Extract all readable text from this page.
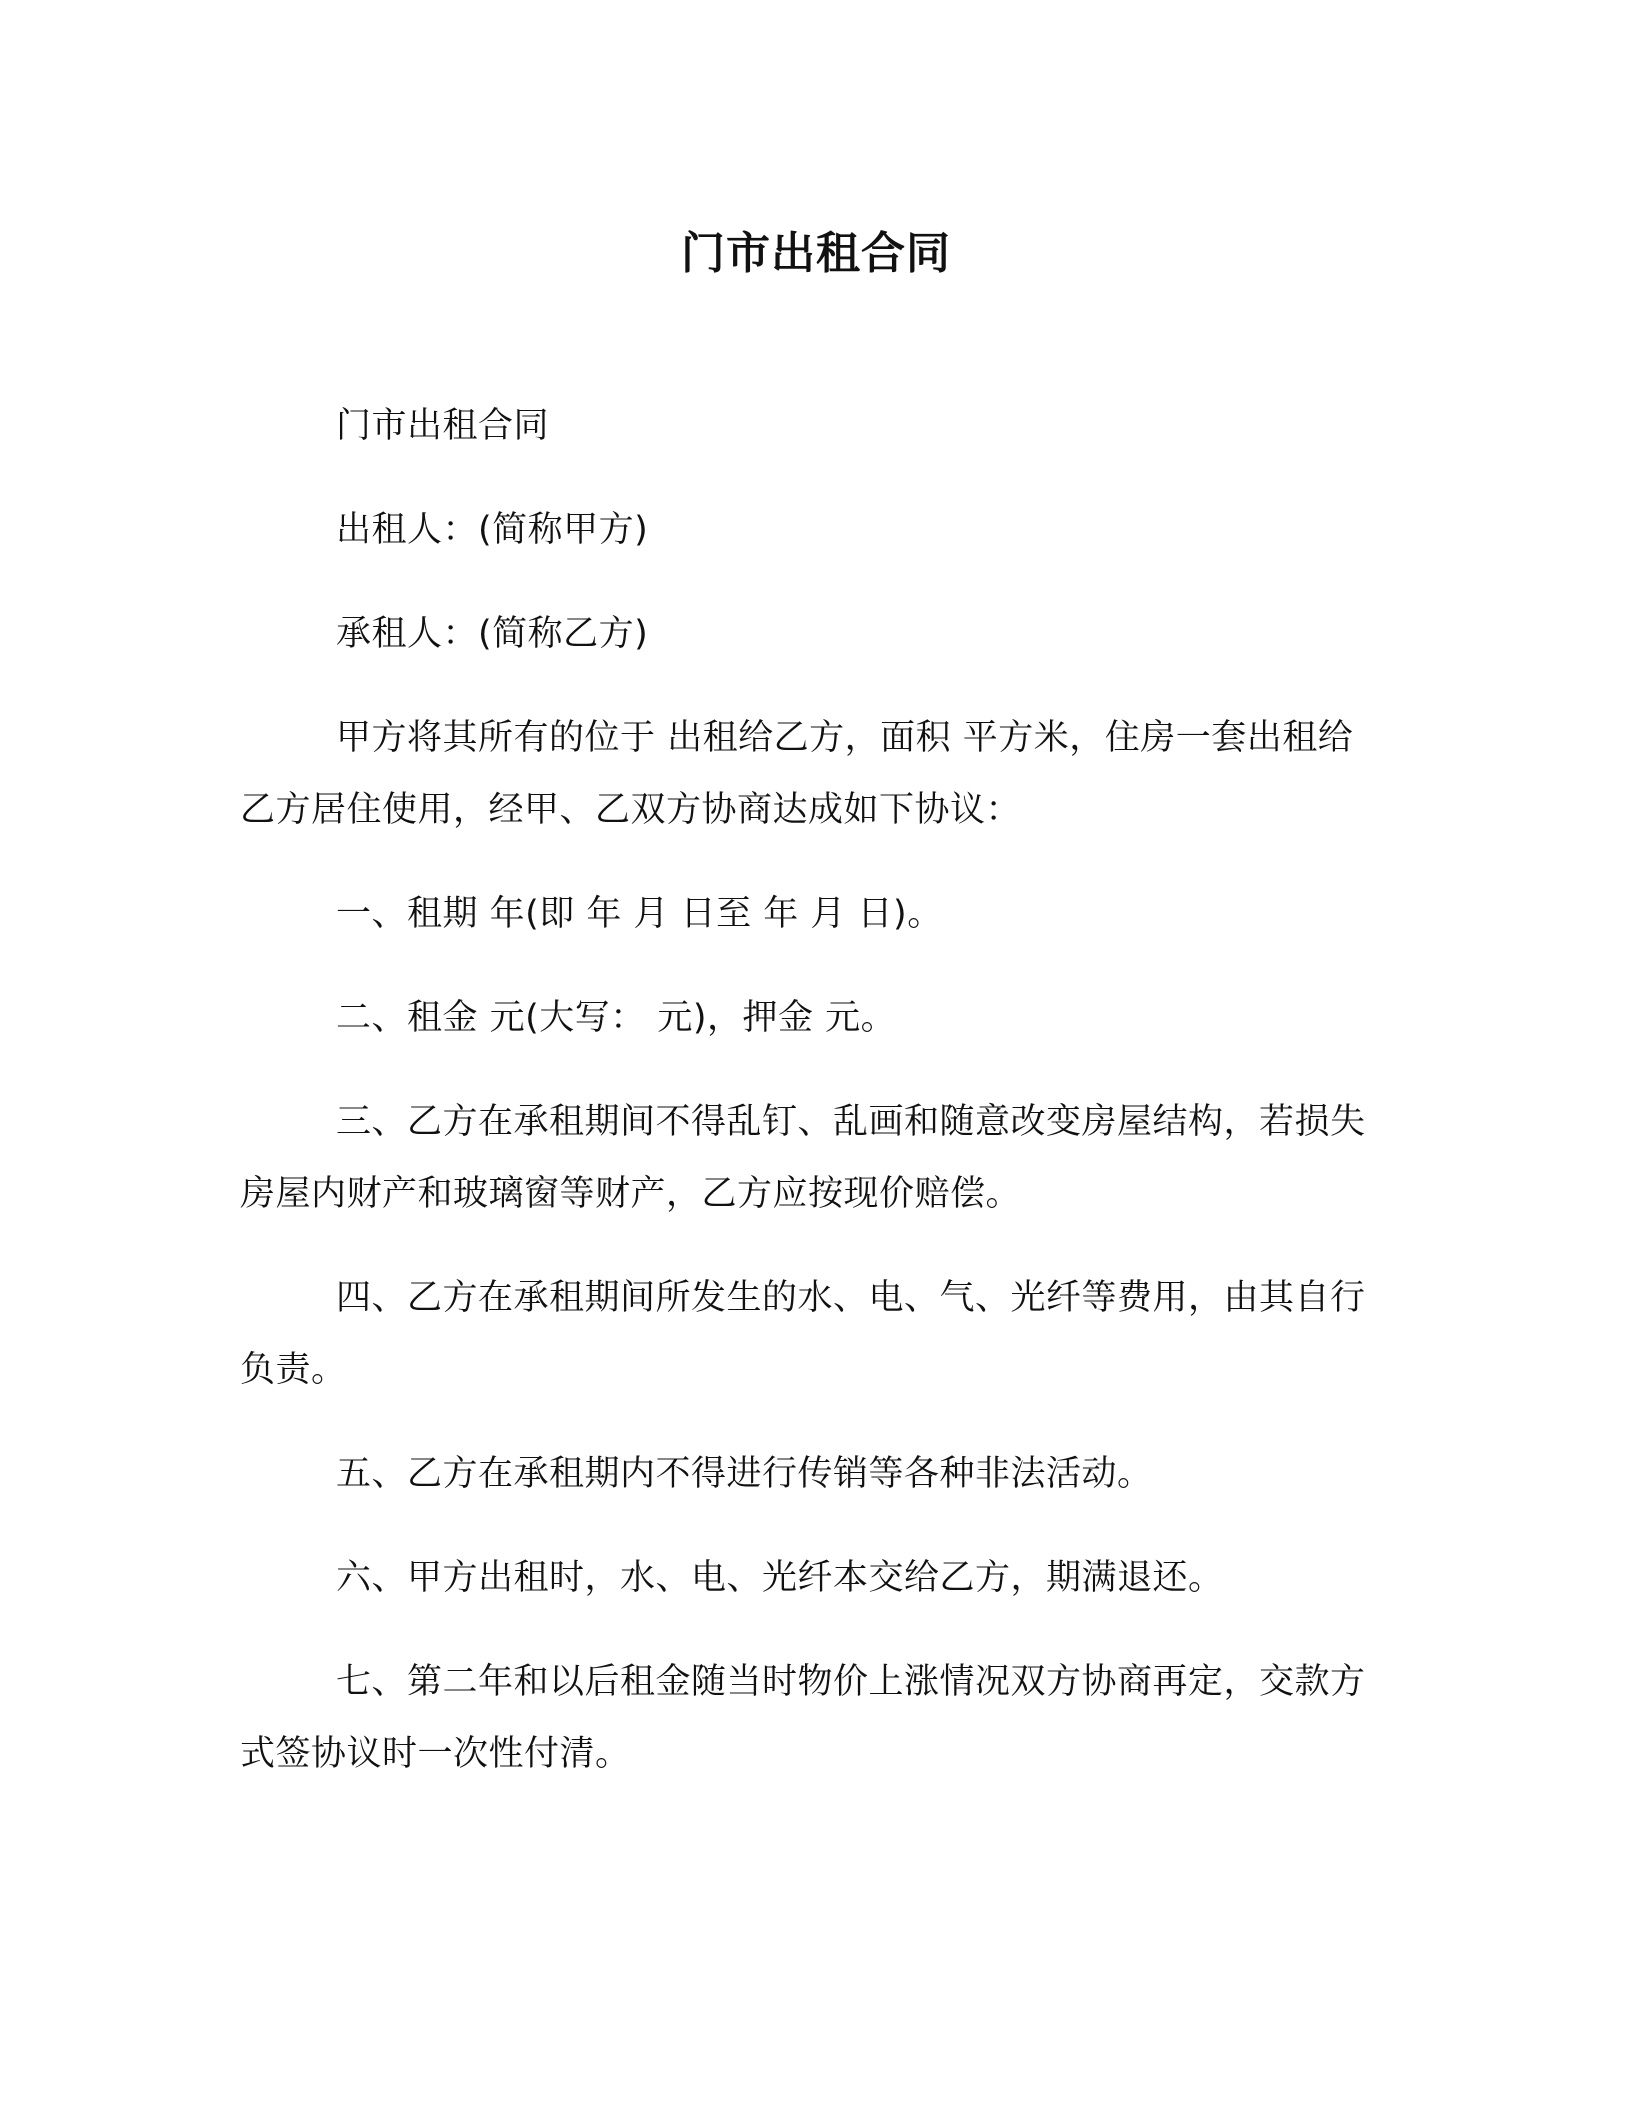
门市出租合同

门市出租合同

出租人：(简称甲方)

承租人：(简称乙方)

甲方将其所有的位于 出租给乙方，面积 平方米，住房一套出租给乙方居住使用，经甲、乙双方协商达成如下协议：

一、租期 年(即 年 月 日至 年 月 日)。

二、租金 元(大写： 元)，押金 元。

三、乙方在承租期间不得乱钉、乱画和随意改变房屋结构，若损失房屋内财产和玻璃窗等财产，乙方应按现价赔偿。

四、乙方在承租期间所发生的水、电、气、光纤等费用，由其自行负责。

五、乙方在承租期内不得进行传销等各种非法活动。

六、甲方出租时，水、电、光纤本交给乙方，期满退还。

七、第二年和以后租金随当时物价上涨情况双方协商再定，交款方式签协议时一次性付清。
